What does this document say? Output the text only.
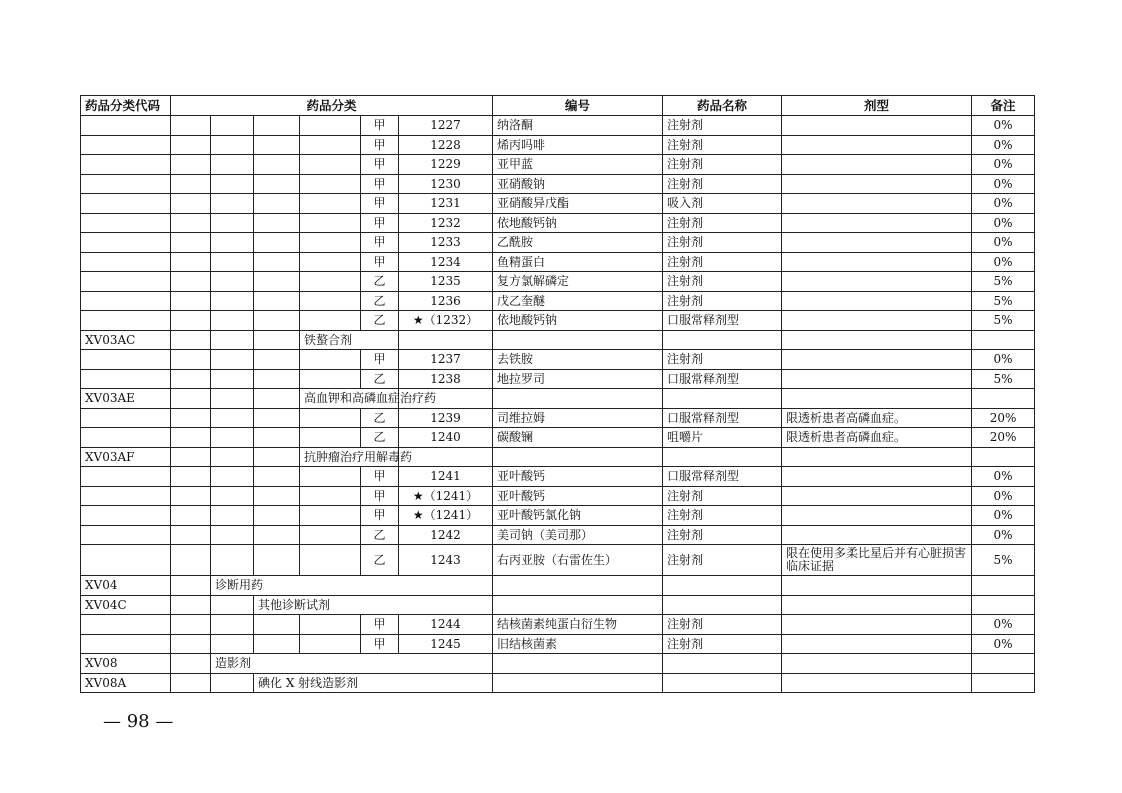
药品分类代码	药品分类						编号	药品名称	剂型	备注	
					甲	1227	纳洛酮	注射剂		0%	
					甲	1228	烯丙吗啡	注射剂		0%	
					甲	1229	亚甲蓝	注射剂		0%	
					甲	1230	亚硝酸钠	注射剂		0%	
					甲	1231	亚硝酸异戊酯	吸入剂		0%	
					甲	1232	依地酸钙钠	注射剂		0%	
					甲	1233	乙酰胺	注射剂		0%	
					甲	1234	鱼精蛋白	注射剂		0%	
					乙	1235	复方氯解磷定	注射剂		5%	
					乙	1236	戊乙奎醚	注射剂		5%	
					乙	★（1232）	依地酸钙钠	口服常释剂型		5%	
XV03AC				铁螯合剂							
					甲	1237	去铁胺	注射剂		0%	
					乙	1238	地拉罗司	口服常释剂型		5%	
XV03AE				高血钾和高磷血症治疗药							
					乙	1239	司维拉姆	口服常释剂型	限透析患者高磷血症。	20%	
					乙	1240	碳酸镧	咀嚼片	限透析患者高磷血症。	20%	
XV03AF				抗肿瘤治疗用解毒药							
					甲	1241	亚叶酸钙	口服常释剂型		0%	
					甲	★（1241）	亚叶酸钙	注射剂		0%	
					甲	★（1241）	亚叶酸钙氯化钠	注射剂		0%	
					乙	1242	美司钠（美司那）	注射剂		0%	
					乙	1243	右丙亚胺（右雷佐生）	注射剂	限在使用多柔比星后并有心脏损害临床证据	5%	
XV04		诊断用药									
XV04C			其他诊断试剂								
					甲	1244	结核菌素纯蛋白衍生物	注射剂		0%	
					甲	1245	旧结核菌素	注射剂		0%	
XV08		造影剂									
XV08A			碘化 X 射线造影剂								
— 98 —
